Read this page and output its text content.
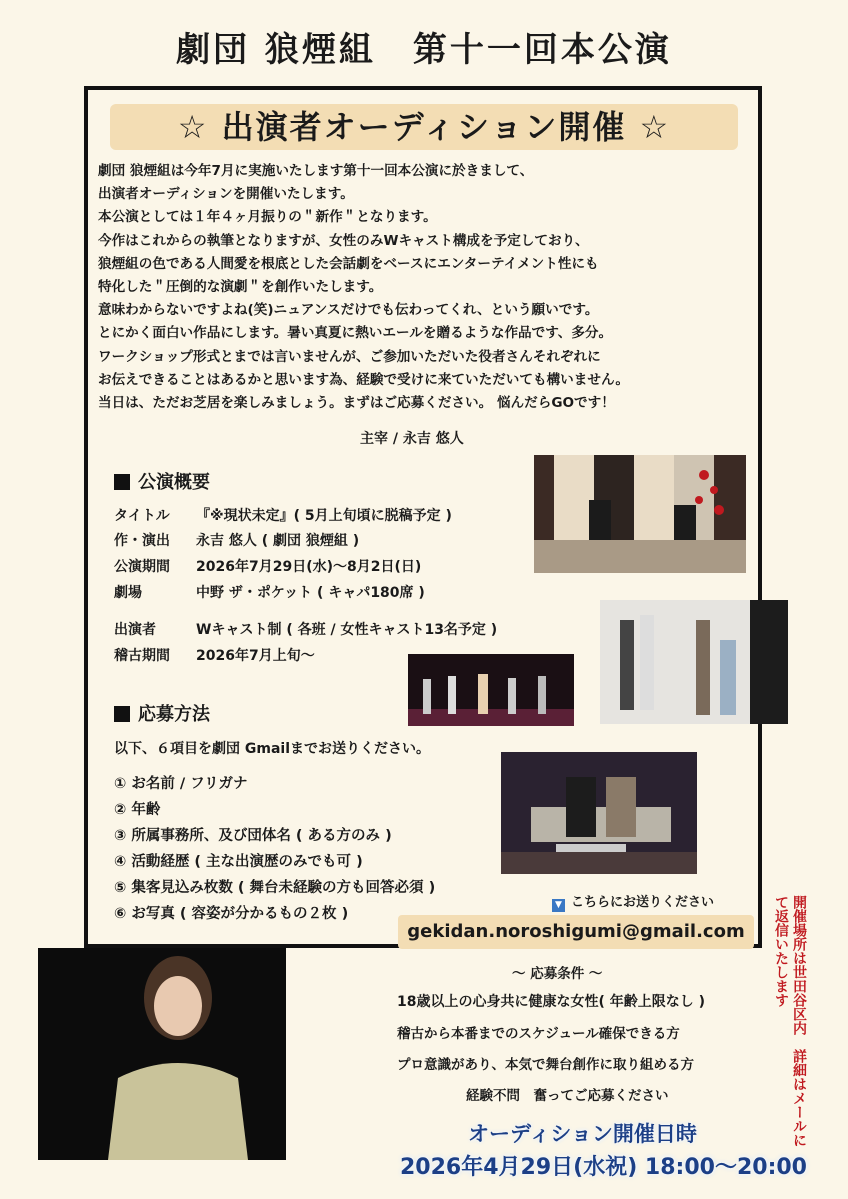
劇団 狼煙組　第十一回本公演
☆ 出演者オーディション開催 ☆
劇団 狼煙組は今年7月に実施いたします第十一回本公演に於きまして、
出演者オーディションを開催いたします。
本公演としては１年４ヶ月振りの＂新作＂となります。
今作はこれからの執筆となりますが、女性のみWキャスト構成を予定しており、
狼煙組の色である人間愛を根底とした会話劇をベースにエンターテイメント性にも
特化した＂圧倒的な演劇＂を創作いたします。
意味わからないですよね(笑)ニュアンスだけでも伝わってくれ、という願いです。
とにかく面白い作品にします。暑い真夏に熱いエールを贈るような作品です、多分。
ワークショップ形式とまでは言いませんが、ご参加いただいた役者さんそれぞれに
お伝えできることはあるかと思います為、経験で受けに来ていただいても構いません。
当日は、ただお芝居を楽しみましょう。まずはご応募ください。 悩んだらGOです！
主宰 / 永吉 悠人
公演概要
タイトル 『※現状未定』( 5月上旬頃に脱稿予定 )
作・演出 永吉 悠人 ( 劇団 狼煙組 )
公演期間 2026年7月29日(水)～8月2日(日)
劇場	中野 ザ・ポケット ( キャパ180席 )
出演者	Wキャスト制 ( 各班 / 女性キャスト13名予定 )
稽古期間 2026年7月上旬～
応募方法
以下、６項目を劇団 Gmailまでお送りください。
① お名前 / フリガナ
② 年齢
③ 所属事務所、及び団体名 ( ある方のみ )
④ 活動経歴 ( 主な出演歴のみでも可 )
⑤ 集客見込み枚数 ( 舞台未経験の方も回答必須 )
⑥ お写真 ( 容姿が分かるもの２枚 )
▼ こちらにお送りください
gekidan.noroshigumi@gmail.com
～ 応募条件 ～
18歳以上の心身共に健康な女性( 年齢上限なし )
稽古から本番までのスケジュール確保できる方
プロ意識があり、本気で舞台創作に取り組める方
経験不問　奮ってご応募ください	開催場所は世田谷区内　詳細はメールにて返信いたします
オーディション開催日時
2026年4月29日(水祝) 18:00～20:00
